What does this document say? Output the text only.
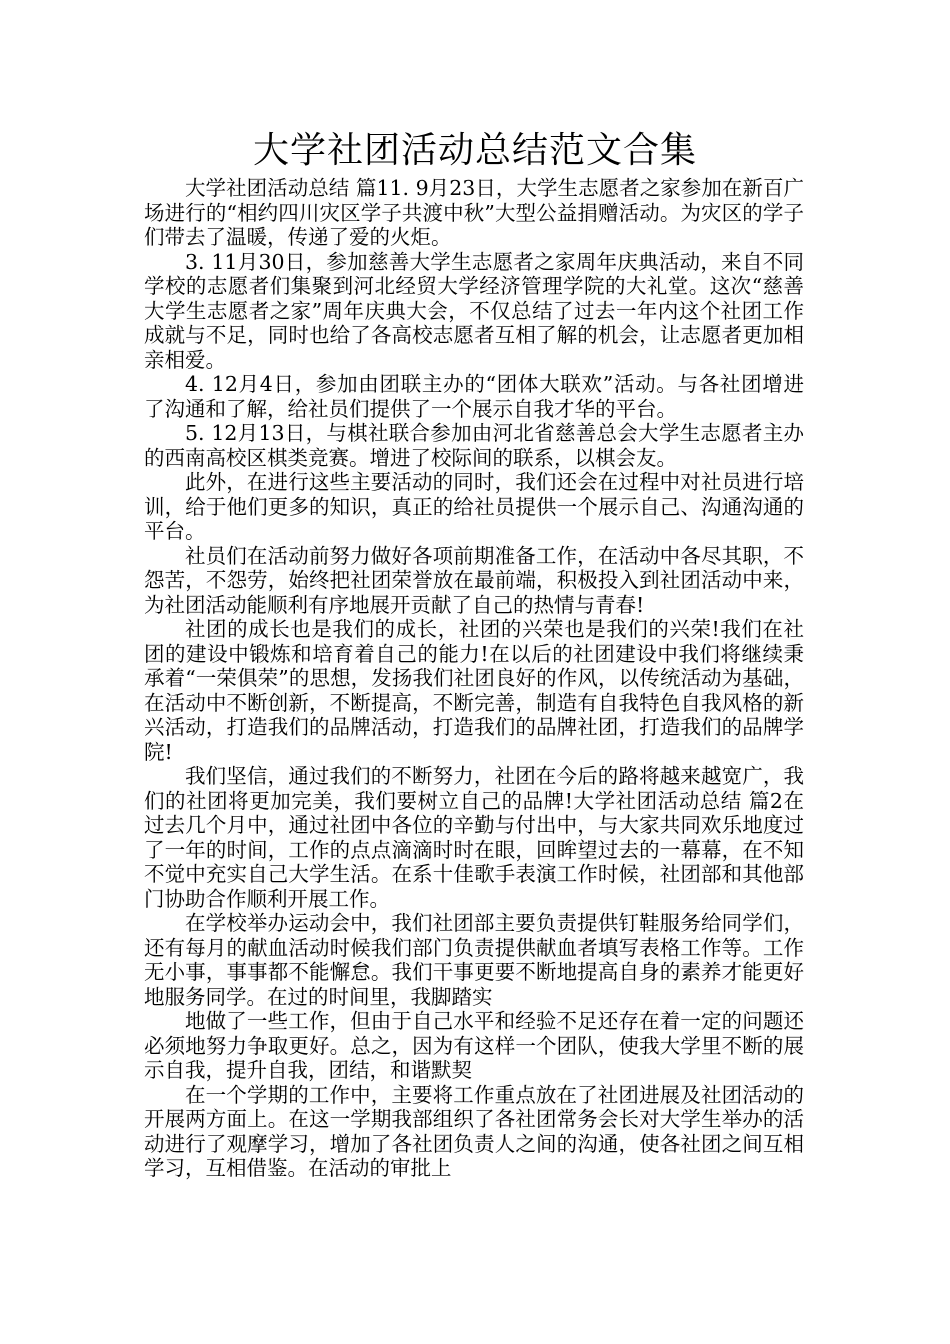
大学社团活动总结范文合集

大学社团活动总结 篇11. 9月23日，大学生志愿者之家参加在新百广场进行的“相约四川灾区学子共渡中秋”大型公益捐赠活动。为灾区的学子们带去了温暖，传递了爱的火炬。

3. 11月30日，参加慈善大学生志愿者之家周年庆典活动，来自不同学校的志愿者们集聚到河北经贸大学经济管理学院的大礼堂。这次“慈善大学生志愿者之家”周年庆典大会，不仅总结了过去一年内这个社团工作成就与不足，同时也给了各高校志愿者互相了解的机会，让志愿者更加相亲相爱。

4. 12月4日，参加由团联主办的“团体大联欢”活动。与各社团增进了沟通和了解，给社员们提供了一个展示自我才华的平台。

5. 12月13日，与棋社联合参加由河北省慈善总会大学生志愿者主办的西南高校区棋类竞赛。增进了校际间的联系，以棋会友。

此外，在进行这些主要活动的同时，我们还会在过程中对社员进行培训，给于他们更多的知识，真正的给社员提供一个展示自己、沟通沟通的平台。

社员们在活动前努力做好各项前期准备工作，在活动中各尽其职，不怨苦，不怨劳，始终把社团荣誉放在最前端，积极投入到社团活动中来，为社团活动能顺利有序地展开贡献了自己的热情与青春!

社团的成长也是我们的成长，社团的兴荣也是我们的兴荣!我们在社团的建设中锻炼和培育着自己的能力!在以后的社团建设中我们将继续秉承着“一荣俱荣”的思想，发扬我们社团良好的作风，以传统活动为基础，在活动中不断创新，不断提高，不断完善，制造有自我特色自我风格的新兴活动，打造我们的品牌活动，打造我们的品牌社团，打造我们的品牌学院!

我们坚信，通过我们的不断努力，社团在今后的路将越来越宽广，我们的社团将更加完美，我们要树立自己的品牌!大学社团活动总结 篇2在过去几个月中，通过社团中各位的辛勤与付出中，与大家共同欢乐地度过了一年的时间，工作的点点滴滴时时在眼，回眸望过去的一幕幕，在不知不觉中充实自己大学生活。在系十佳歌手表演工作时候，社团部和其他部门协助合作顺利开展工作。

在学校举办运动会中，我们社团部主要负责提供钉鞋服务给同学们，还有每月的献血活动时候我们部门负责提供献血者填写表格工作等。工作无小事，事事都不能懈怠。我们干事更要不断地提高自身的素养才能更好地服务同学。在过的时间里，我脚踏实

地做了一些工作，但由于自己水平和经验不足还存在着一定的问题还必须地努力争取更好。总之，因为有这样一个团队，使我大学里不断的展示自我，提升自我，团结，和谐默契

在一个学期的工作中，主要将工作重点放在了社团进展及社团活动的开展两方面上。在这一学期我部组织了各社团常务会长对大学生举办的活动进行了观摩学习，增加了各社团负责人之间的沟通，使各社团之间互相学习，互相借鉴。在活动的审批上
